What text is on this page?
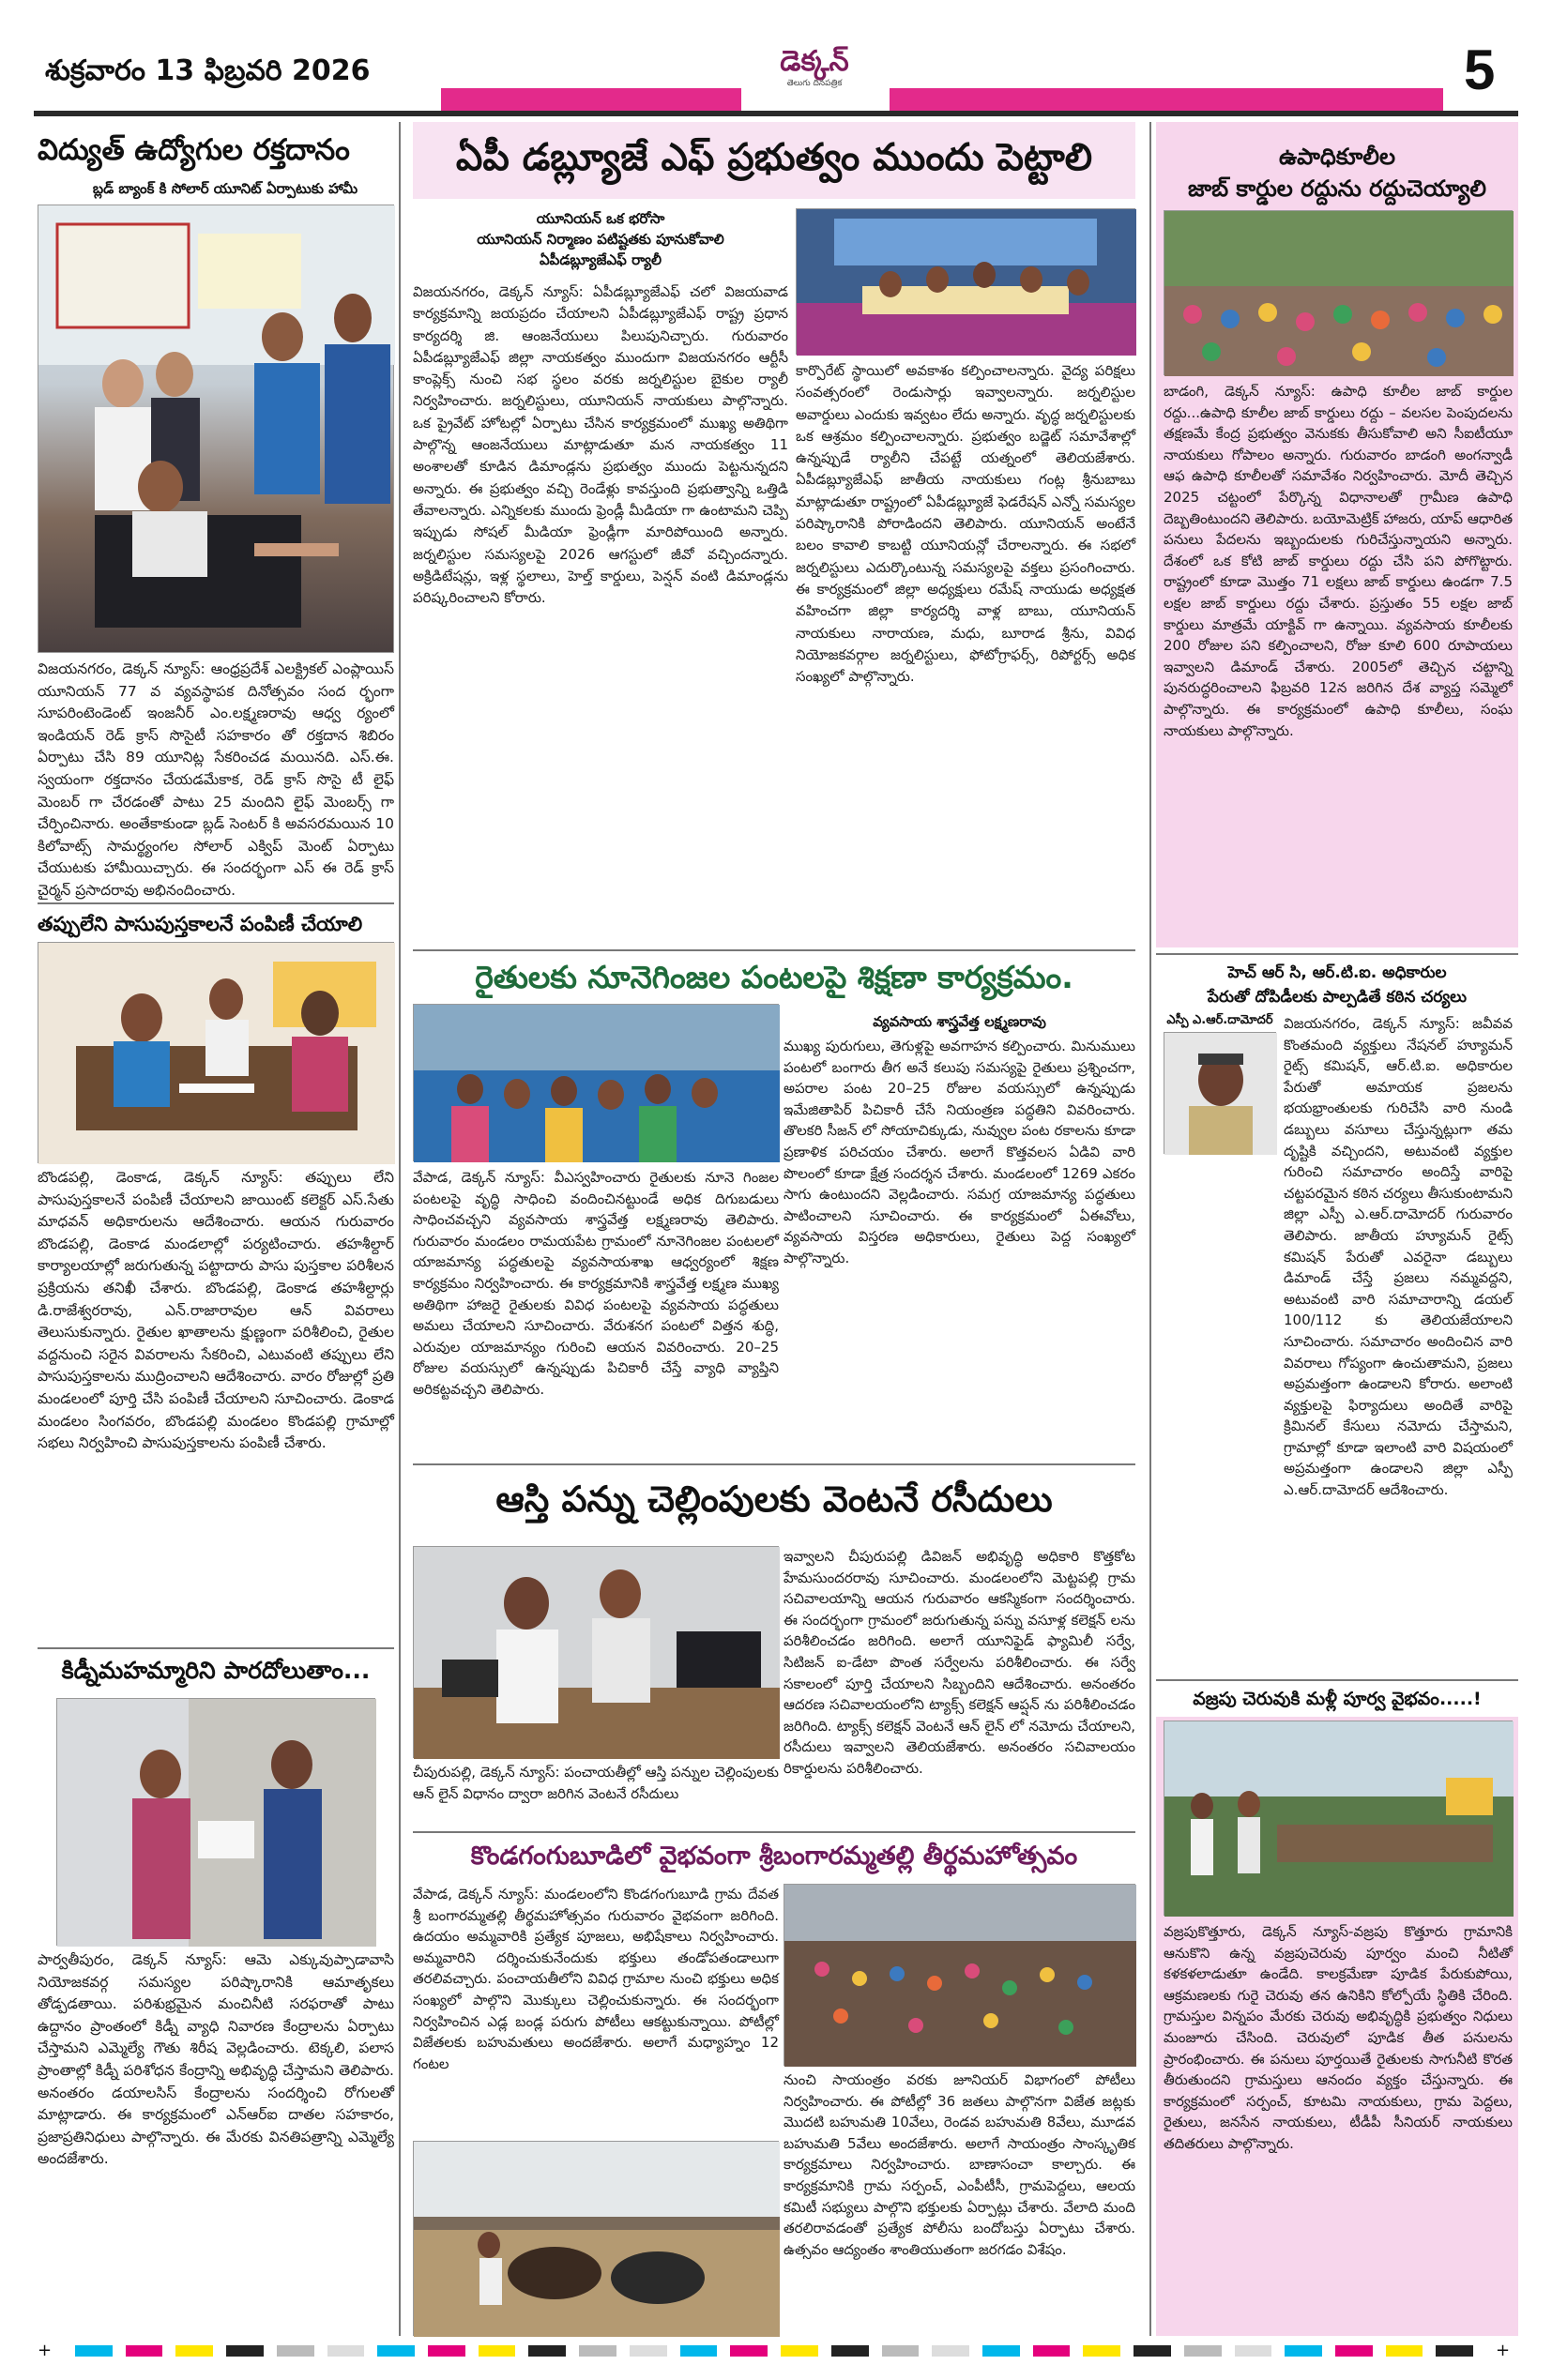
శుక్రవారం 13 ఫిబ్రవరి 2026	డెక్కన్
తెలుగు దినపత్రిక	5
విద్యుత్ ఉద్యోగుల రక్తదానం
బ్లడ్ బ్యాంక్ కి సోలార్ యూనిట్ ఏర్పాటుకు హామీ
విజయనగరం, డెక్కన్ న్యూస్: ఆంధ్రప్రదేశ్ ఎలక్ట్రికల్ ఎంప్లాయిస్ యూనియన్ 77 వ వ్యవస్థాపక దినోత్సవం సంద ర్భంగా సూపరింటెండెంట్ ఇంజనీర్ ఎం.లక్ష్మణరావు ఆధ్వ ర్యంలో ఇండియన్ రెడ్ క్రాస్ సొసైటీ సహకారం తో రక్తదాన శిబిరం ఏర్పాటు చేసి 89 యూనిట్ల సేకరించడ మయినది. ఎస్.ఈ. స్వయంగా రక్తదానం చేయడమేకాక, రెడ్ క్రాస్ సొసై టీ లైఫ్ మెంబర్ గా చేరడంతో పాటు 25 మందిని లైఫ్ మెంబర్స్ గా చేర్పించినారు. అంతేకాకుండా బ్లడ్ సెంటర్ కి అవసరమయిన 10 కిలోవాట్స్ సామర్థ్యంగల సోలార్ ఎక్విప్ మెంట్ ఏర్పాటు చేయుటకు హామీయిచ్చారు. ఈ సందర్భంగా ఎస్ ఈ రెడ్ క్రాస్ చైర్మన్ ప్రసాదరావు అభినందించారు.
తప్పులేని పాసుపుస్తకాలనే పంపిణీ చేయాలి
బొండపల్లి, డెంకాడ, డెక్కన్ న్యూస్: తప్పులు లేని పాసుపుస్తకాలనే పంపిణీ చేయాలని జాయింట్ కలెక్టర్ ఎస్.సేతు మాధవన్ అధికారులను ఆదేశించారు. ఆయన గురువారం బొండపల్లి, డెంకాడ మండలాల్లో పర్యటించారు. తహశీల్దార్ కార్యాలయాల్లో జరుగుతున్న పట్టాదారు పాసు పుస్తకాల పరిశీలన ప్రక్రియను తనిఖీ చేశారు. బొండపల్లి, డెంకాడ తహశీల్దార్లు డి.రాజేశ్వరరావు, ఎన్.రాజారావుల ఆన్ వివరాలు తెలుసుకున్నారు. రైతుల ఖాతాలను క్షుణ్ణంగా పరిశీలించి, రైతుల వద్దనుంచి సరైన వివరాలను సేకరించి, ఎటువంటి తప్పులు లేని పాసుపుస్తకాలను ముద్రించాలని ఆదేశించారు. వారం రోజుల్లో ప్రతి మండలంలో పూర్తి చేసి పంపిణీ చేయాలని సూచించారు. డెంకాడ మండలం సింగవరం, బొండపల్లి మండలం కొండపల్లి గ్రామాల్లో సభలు నిర్వహించి పాసుపుస్తకాలను పంపిణీ చేశారు.
కిడ్నీమహమ్మారిని పారదోలుతాం...
పార్వతీపురం, డెక్కన్ న్యూస్: ఆమె ఎక్కువుప్పాడావాసి నియోజకవర్గ సమస్యల పరిష్కారానికి ఆమాతృకలు తోడ్పడతాయి. పరిశుభ్రమైన మంచినీటి సరఫరాతో పాటు ఉద్దానం ప్రాంతంలో కిడ్నీ వ్యాధి నివారణ కేంద్రాలను ఏర్పాటు చేస్తామని ఎమ్మెల్యే గౌతు శిరీష వెల్లడించారు. టెక్కలి, పలాస ప్రాంతాల్లో కిడ్నీ పరిశోధన కేంద్రాన్ని అభివృద్ధి చేస్తామని తెలిపారు. అనంతరం డయాలసిస్ కేంద్రాలను సందర్శించి రోగులతో మాట్లాడారు. ఈ కార్యక్రమంలో ఎన్ఆర్ఐ దాతల సహకారం, ప్రజాప్రతినిధులు పాల్గొన్నారు. ఈ మేరకు వినతిపత్రాన్ని ఎమ్మెల్యే అందజేశారు.
ఏపీ డబ్ల్యూజే ఎఫ్ ప్రభుత్వం ముందు పెట్టాలి
యూనియన్ ఒక భరోసా
యూనియన్ నిర్మాణం పటిష్టతకు పూనుకోవాలి
ఏపీడబ్ల్యూజేఎఫ్ ర్యాలీ
విజయనగరం, డెక్కన్ న్యూస్: ఏపీడబ్ల్యూజేఎఫ్ చలో విజయవాడ కార్యక్రమాన్ని జయప్రదం చేయాలని ఏపీడబ్ల్యూజేఎఫ్ రాష్ట్ర ప్రధాన కార్యదర్శి జి. ఆంజనేయులు పిలుపునిచ్చారు. గురువారం ఏపీడబ్ల్యూజేఎఫ్ జిల్లా నాయకత్వం ముందుగా విజయనగరం ఆర్టీసీ కాంప్లెక్స్ నుంచి సభ స్థలం వరకు జర్నలిస్టుల బైకుల ర్యాలీ నిర్వహించారు. జర్నలిస్టులు, యూనియన్ నాయకులు పాల్గొన్నారు. ఒక ప్రైవేట్ హోటల్లో ఏర్పాటు చేసిన కార్యక్రమంలో ముఖ్య అతిథిగా పాల్గొన్న ఆంజనేయులు మాట్లాడుతూ మన నాయకత్వం 11 అంశాలతో కూడిన డిమాండ్లను ప్రభుత్వం ముందు పెట్టనున్నదని అన్నారు. ఈ ప్రభుత్వం వచ్చి రెండేళ్లు కావస్తుంది ప్రభుత్వాన్ని ఒత్తిడి తేవాలన్నారు. ఎన్నికలకు ముందు ఫ్రెండ్లీ మీడియా గా ఉంటామని చెప్పి ఇప్పుడు సోషల్ మీడియా ఫ్రెండ్లీగా మారిపోయింది అన్నారు. జర్నలిస్టుల సమస్యలపై 2026 ఆగస్టులో జీవో వచ్చిందన్నారు. అక్రిడిటేషన్లు, ఇళ్ల స్థలాలు, హెల్త్ కార్డులు, పెన్షన్ వంటి డిమాండ్లను పరిష్కరించాలని కోరారు.
కార్పొరేట్ స్థాయిలో అవకాశం కల్పించాలన్నారు. వైద్య పరిక్షలు సంవత్సరంలో రెండుసార్లు ఇవ్వాలన్నారు. జర్నలిస్టుల అవార్డులు ఎందుకు ఇవ్వటం లేదు అన్నారు. వృద్ధ జర్నలిస్టులకు ఒక ఆశ్రమం కల్పించాలన్నారు. ప్రభుత్వం బడ్జెట్ సమావేశాల్లో ఉన్నప్పుడే ర్యాలీని చేపట్టే యత్నంలో తెలియజేశారు. ఏపీడబ్ల్యూజేఎఫ్ జాతీయ నాయకులు గంట్ల శ్రీనుబాబు మాట్లాడుతూ రాష్ట్రంలో ఏపీడబ్ల్యూజే ఫెడరేషన్ ఎన్నో సమస్యల పరిష్కారానికి పోరాడిందని తెలిపారు. యూనియన్ అంటేనే బలం కావాలి కాబట్టి యూనియన్లో చేరాలన్నారు. ఈ సభలో జర్నలిస్టులు ఎదుర్కొంటున్న సమస్యలపై వక్తలు ప్రసంగించారు. ఈ కార్యక్రమంలో జిల్లా అధ్యక్షులు రమేష్ నాయుడు అధ్యక్షత వహించగా జిల్లా కార్యదర్శి వాళ్ల బాబు, యూనియన్ నాయకులు నారాయణ, మధు, బూరాడ శ్రీను, వివిధ నియోజకవర్గాల జర్నలిస్టులు, ఫోటోగ్రాఫర్స్, రిపోర్టర్స్ అధిక సంఖ్యలో పాల్గొన్నారు.
రైతులకు నూనెగింజల పంటలపై శిక్షణా కార్యక్రమం.
వ్యవసాయ శాస్త్రవేత్త లక్ష్మణరావు
ముఖ్య పురుగులు, తెగుళ్లపై అవగాహన కల్పించారు. మినుములు పంటలో బంగారు తీగ అనే కలుపు సమస్యపై రైతులు ప్రశ్నించగా, అపరాల పంట 20–25 రోజుల వయస్సులో ఉన్నప్పుడు ఇమేజితాపిర్ పిచికారీ చేసే నియంత్రణ పద్ధతిని వివరించారు. తొలకరి సీజన్ లో సోయాచిక్కుడు, నువ్వుల పంట రకాలను కూడా ప్రణాళిక పరిచయం చేశారు. అలాగే కొత్తవలస ఏడివి వారి పొలంలో కూడా క్షేత్ర సందర్శన చేశారు. మండలంలో 1269 ఎకరం సాగు ఉంటుందని వెల్లడించారు. సమగ్ర యాజమాన్య పద్ధతులు పాటించాలని సూచించారు. ఈ కార్యక్రమంలో ఏఈవోలు, వ్యవసాయ విస్తరణ అధికారులు, రైతులు పెద్ద సంఖ్యలో పాల్గొన్నారు.
వేపాడ, డెక్కన్ న్యూస్: వీఎస్వహించారు రైతులకు నూనె గింజల పంటలపై వృద్ధి సాధించి వందించినట్టుండే అధిక దిగుబడులు సాధించవచ్చని వ్యవసాయ శాస్త్రవేత్త లక్ష్మణరావు తెలిపారు. గురువారం మండలం రామయపేట గ్రామంలో నూనెగింజల పంటలలో యాజమాన్య పద్ధతులపై వ్యవసాయశాఖ ఆధ్వర్యంలో శిక్షణ కార్యక్రమం నిర్వహించారు. ఈ కార్యక్రమానికి శాస్త్రవేత్త లక్ష్మణ ముఖ్య అతిథిగా హాజరై రైతులకు వివిధ పంటలపై వ్యవసాయ పద్ధతులు అమలు చేయాలని సూచించారు. వేరుశనగ పంటలో విత్తన శుద్ధి, ఎరువుల యాజమాన్యం గురించి ఆయన వివరించారు. 20–25 రోజుల వయస్సులో ఉన్నప్పుడు పిచికారీ చేస్తే వ్యాధి వ్యాప్తిని అరికట్టవచ్చని తెలిపారు.
ఆస్తి పన్ను చెల్లింపులకు వెంటనే రసీదులు
చీపురుపల్లి, డెక్కన్ న్యూస్: పంచాయతీల్లో ఆస్తి పన్నుల చెల్లింపులకు ఆన్ లైన్ విధానం ద్వారా జరిగిన వెంటనే రసీదులు
ఇవ్వాలని చీపురుపల్లి డివిజన్ అభివృద్ధి అధికారి కొత్తకోట హేమసుందరరావు సూచించారు. మండలంలోని మెట్టపల్లి గ్రామ సచివాలయాన్ని ఆయన గురువారం ఆకస్మికంగా సందర్శించారు. ఈ సందర్భంగా గ్రామంలో జరుగుతున్న పన్ను వసూళ్ల కలెక్షన్ లను పరిశీలించడం జరిగింది. అలాగే యూనిఫైడ్ ఫ్యామిలీ సర్వే, సిటిజన్ ఐ-డేటా పొంత సర్వేలను పరిశీలించారు. ఈ సర్వే సకాలంలో పూర్తి చేయాలని సిబ్బందిని ఆదేశించారు. అనంతరం ఆదరణ సచివాలయంలోని ట్యాక్స్ కలెక్షన్ ఆప్షన్ ను పరిశీలించడం జరిగింది. ట్యాక్స్ కలెక్షన్ వెంటనే ఆన్ లైన్ లో నమోదు చేయాలని, రసీదులు ఇవ్వాలని తెలియజేశారు. అనంతరం సచివాలయం రికార్డులను పరిశీలించారు.
కొండగంగుబూడిలో వైభవంగా శ్రీబంగారమ్మతల్లి తీర్థమహోత్సవం
వేపాడ, డెక్కన్ న్యూస్: మండలంలోని కొండగంగుబూడి గ్రామ దేవత శ్రీ బంగారమ్మతల్లి తీర్థమహోత్సవం గురువారం వైభవంగా జరిగింది. ఉదయం అమ్మవారికి ప్రత్యేక పూజలు, అభిషేకాలు నిర్వహించారు. అమ్మవారిని దర్శించుకునేందుకు భక్తులు తండోపతండాలుగా తరలివచ్చారు. పంచాయతీలోని వివిధ గ్రామాల నుంచి భక్తులు అధిక సంఖ్యలో పాల్గొని మొక్కులు చెల్లించుకున్నారు. ఈ సందర్భంగా నిర్వహించిన ఎడ్ల బండ్ల పరుగు పోటీలు ఆకట్టుకున్నాయి. పోటీల్లో విజేతలకు బహుమతులు అందజేశారు. అలాగే మధ్యాహ్నం 12 గంటల
నుంచి సాయంత్రం వరకు జూనియర్ విభాగంలో పోటీలు నిర్వహించారు. ఈ పోటీల్లో 36 జతలు పాల్గొనగా విజేత జట్లకు మొదటి బహుమతి 10వేలు, రెండవ బహుమతి 8వేలు, మూడవ బహుమతి 5వేలు అందజేశారు. అలాగే సాయంత్రం సాంస్కృతిక కార్యక్రమాలు నిర్వహించారు. బాణాసంచా కాల్చారు. ఈ కార్యక్రమానికి గ్రామ సర్పంచ్, ఎంపీటీసీ, గ్రామపెద్దలు, ఆలయ కమిటీ సభ్యులు పాల్గొని భక్తులకు ఏర్పాట్లు చేశారు. వేలాది మంది తరలిరావడంతో ప్రత్యేక పోలీసు బందోబస్తు ఏర్పాటు చేశారు. ఉత్సవం ఆద్యంతం శాంతియుతంగా జరగడం విశేషం.
ఉపాధికూలీల
జాబ్ కార్డుల రద్దును రద్దుచెయ్యాలి
బాడంగి, డెక్కన్ న్యూస్: ఉపాధి కూలీల జాబ్ కార్డుల రద్దు...ఉపాధి కూలీల జాబ్ కార్డులు రద్దు – వలసల పెంపుదలను తక్షణమే కేంద్ర ప్రభుత్వం వెనుకకు తీసుకోవాలి అని సీఐటీయూ నాయకులు గోపాలం అన్నారు. గురువారం బాడంగి అంగన్వాడీ ఆఫ ఉపాధి కూలీలతో సమావేశం నిర్వహించారు. మోదీ తెచ్చిన 2025 చట్టంలో పేర్కొన్న విధానాలతో గ్రామీణ ఉపాధి దెబ్బతింటుందని తెలిపారు. బయోమెట్రిక్ హాజరు, యాప్ ఆధారిత పనులు పేదలను ఇబ్బందులకు గురిచేస్తున్నాయని అన్నారు. దేశంలో ఒక కోటి జాబ్ కార్డులు రద్దు చేసి పని పోగొట్టారు. రాష్ట్రంలో కూడా మొత్తం 71 లక్షలు జాబ్ కార్డులు ఉండగా 7.5 లక్షల జాబ్ కార్డులు రద్దు చేశారు. ప్రస్తుతం 55 లక్షల జాబ్ కార్డులు మాత్రమే యాక్టివ్ గా ఉన్నాయి. వ్యవసాయ కూలీలకు 200 రోజుల పని కల్పించాలని, రోజు కూలి 600 రూపాయలు ఇవ్వాలని డిమాండ్ చేశారు. 2005లో తెచ్చిన చట్టాన్ని పునరుద్ధరించాలని ఫిబ్రవరి 12న జరిగిన దేశ వ్యాప్త సమ్మెలో పాల్గొన్నారు. ఈ కార్యక్రమంలో ఉపాధి కూలీలు, సంఘ నాయకులు పాల్గొన్నారు.
హెచ్ ఆర్ సి, ఆర్.టి.ఐ. అధికారుల
పేరుతో దోపిడీలకు పాల్పడితే కఠిన చర్యలు
ఎస్పీ ఎ.ఆర్.దామోదర్ విజయనగరం, డెక్కన్ న్యూస్: జవీవవ కొంతమంది వ్యక్తులు నేషనల్ హ్యూమన్ రైట్స్ కమిషన్, ఆర్.టి.ఐ. అధికారుల పేరుతో అమాయక ప్రజలను భయభ్రాంతులకు గురిచేసి వారి నుండి డబ్బులు వసూలు చేస్తున్నట్లుగా తమ దృష్టికి వచ్చిందని, అటువంటి వ్యక్తుల గురించి సమాచారం అందిస్తే వారిపై చట్టపరమైన కఠిన చర్యలు తీసుకుంటామని జిల్లా ఎస్పీ ఎ.ఆర్.దామోదర్ గురువారం తెలిపారు. జాతీయ హ్యూమన్ రైట్స్ కమిషన్ పేరుతో ఎవరైనా డబ్బులు డిమాండ్ చేస్తే ప్రజలు నమ్మవద్దని, అటువంటి వారి సమాచారాన్ని డయల్ 100/112 కు తెలియజేయాలని సూచించారు. సమాచారం అందించిన వారి వివరాలు గోప్యంగా ఉంచుతామని, ప్రజలు అప్రమత్తంగా ఉండాలని కోరారు. అలాంటి వ్యక్తులపై ఫిర్యాదులు అందితే వారిపై క్రిమినల్ కేసులు నమోదు చేస్తామని, గ్రామాల్లో కూడా ఇలాంటి వారి విషయంలో అప్రమత్తంగా ఉండాలని జిల్లా ఎస్పీ ఎ.ఆర్.దామోదర్ ఆదేశించారు.
వజ్రపు చెరువుకి మళ్లీ పూర్వ వైభవం.....!
వజ్రపుకొత్తూరు, డెక్కన్ న్యూస్-వజ్రపు కొత్తూరు గ్రామానికి ఆనుకొని ఉన్న వజ్రపుచెరువు పూర్వం మంచి నీటితో కళకళలాడుతూ ఉండేది. కాలక్రమేణా పూడిక పేరుకుపోయి, ఆక్రమణలకు గురై చెరువు తన ఉనికిని కోల్పోయే స్థితికి చేరింది. గ్రామస్తుల విన్నపం మేరకు చెరువు అభివృద్ధికి ప్రభుత్వం నిధులు మంజూరు చేసింది. చెరువులో పూడిక తీత పనులను ప్రారంభించారు. ఈ పనులు పూర్తయితే రైతులకు సాగునీటి కొరత తీరుతుందని గ్రామస్తులు ఆనందం వ్యక్తం చేస్తున్నారు. ఈ కార్యక్రమంలో సర్పంచ్, కూటమి నాయకులు, గ్రామ పెద్దలు, రైతులు, జనసేన నాయకులు, టీడీపీ సీనియర్ నాయకులు తదితరులు పాల్గొన్నారు.
+	+
